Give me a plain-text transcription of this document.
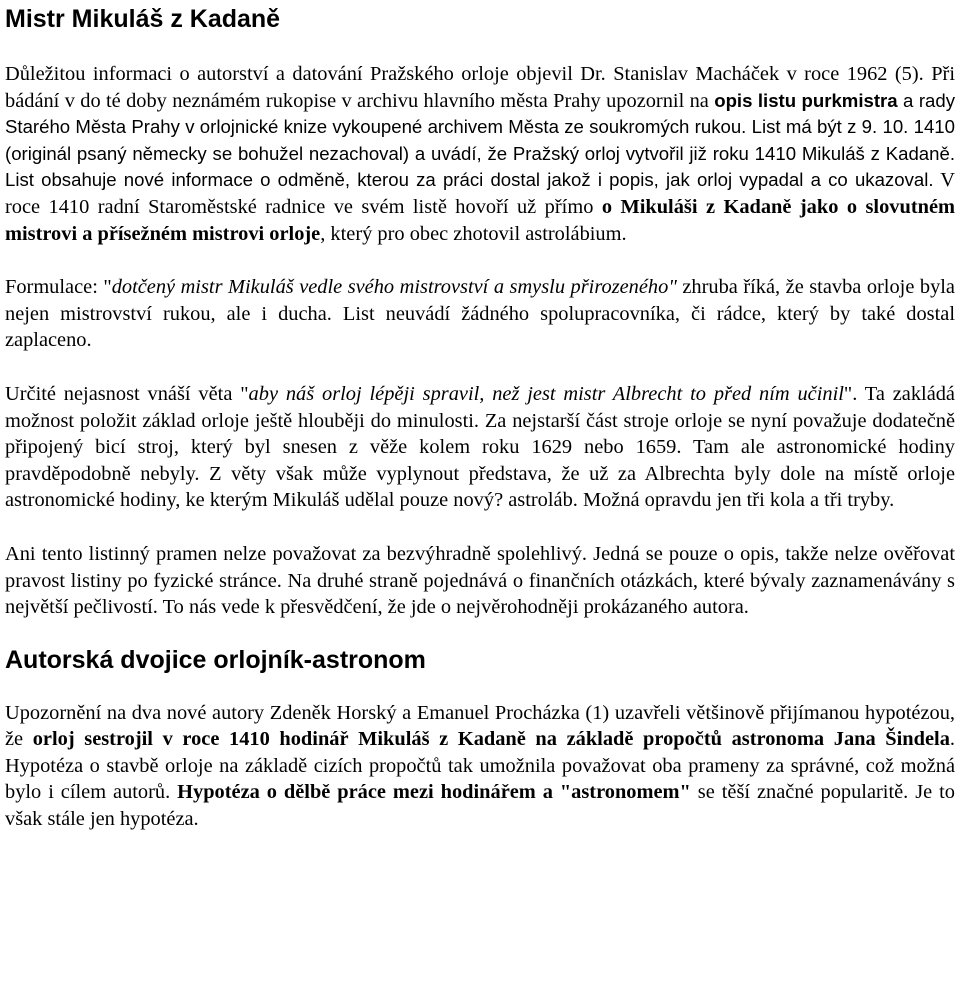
Mistr Mikuláš z Kadaně

Důležitou informaci o autorství a datování Pražského orloje objevil Dr. Stanislav Macháček v roce 1962 (5). Při bádání v do té doby neznámém rukopise v archivu hlavního města Prahy upozornil na opis listu purkmistra a rady Starého Města Prahy v orlojnické knize vykoupené archivem Města ze soukromých rukou. List má být z 9. 10. 1410 (originál psaný německy se bohužel nezachoval) a uvádí, že Pražský orloj vytvořil již roku 1410 Mikuláš z Kadaně. List obsahuje nové informace o odměně, kterou za práci dostal jakož i popis, jak orloj vypadal a co ukazoval. V roce 1410 radní Staroměstské radnice ve svém listě hovoří už přímo o Mikuláši z Kadaně jako o slovutném mistrovi a přísežném mistrovi orloje, který pro obec zhotovil astrolábium.

Formulace: "dotčený mistr Mikuláš vedle svého mistrovství a smyslu přirozeného" zhruba říká, že stavba orloje byla nejen mistrovství rukou, ale i ducha. List neuvádí žádného spolupracovníka, či rádce, který by také dostal zaplaceno.

Určité nejasnost vnáší věta "aby náš orloj lépěji spravil, než jest mistr Albrecht to před ním učinil". Ta zakládá možnost položit základ orloje ještě hlouběji do minulosti. Za nejstarší část stroje orloje se nyní považuje dodatečně připojený bicí stroj, který byl snesen z věže kolem roku 1629 nebo 1659. Tam ale astronomické hodiny pravděpodobně nebyly. Z věty však může vyplynout představa, že už za Albrechta byly dole na místě orloje astronomické hodiny, ke kterým Mikuláš udělal pouze nový? astroláb. Možná opravdu jen tři kola a tři tryby.

Ani tento listinný pramen nelze považovat za bezvýhradně spolehlivý. Jedná se pouze o opis, takže nelze ověřovat pravost listiny po fyzické stránce. Na druhé straně pojednává o finančních otázkách, které bývaly zaznamenávány s největší pečlivostí. To nás vede k přesvědčení, že jde o nejvěrohodněji prokázaného autora.

Autorská dvojice orlojník-astronom

Upozornění na dva nové autory Zdeněk Horský a Emanuel Procházka (1) uzavřeli většinově přijímanou hypotézou, že orloj sestrojil v roce 1410 hodinář Mikuláš z Kadaně na základě propočtů astronoma Jana Šindela. Hypotéza o stavbě orloje na základě cizích propočtů tak umožnila považovat oba prameny za správné, což možná bylo i cílem autorů. Hypotéza o dělbě práce mezi hodinářem a "astronomem" se těší značné popularitě. Je to však stále jen hypotéza.
